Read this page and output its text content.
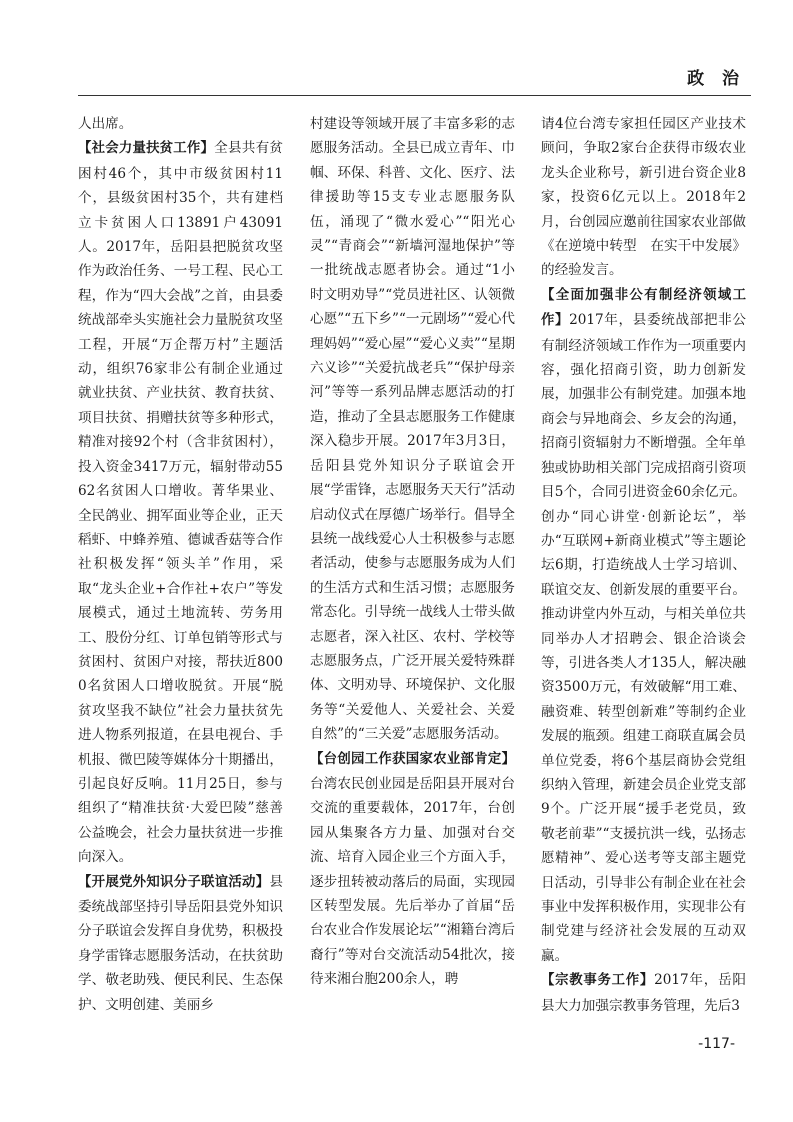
政 治

人出席。

【社会力量扶贫工作】全县共有贫困村46个，其中市级贫困村11个，县级贫困村35个，共有建档立卡贫困人口13891户43091人。2017年，岳阳县把脱贫攻坚作为政治任务、一号工程、民心工程，作为“四大会战”之首，由县委统战部牵头实施社会力量脱贫攻坚工程，开展“万企帮万村”主题活动，组织76家非公有制企业通过就业扶贫、产业扶贫、教育扶贫、项目扶贫、捐赠扶贫等多种形式，精准对接92个村（含非贫困村），投入资金3417万元，辐射带动5562名贫困人口增收。菁华果业、全民鸽业、拥军面业等企业，正天稻虾、中蜂养殖、德诚香菇等合作社积极发挥“领头羊”作用，采取“龙头企业+合作社+农户”等发展模式，通过土地流转、劳务用工、股份分红、订单包销等形式与贫困村、贫困户对接，帮扶近8000名贫困人口增收脱贫。开展“脱贫攻坚我不缺位”社会力量扶贫先进人物系列报道，在县电视台、手机报、微巴陵等媒体分十期播出，引起良好反响。11月25日，参与组织了“精准扶贫·大爱巴陵”慈善公益晚会，社会力量扶贫进一步推向深入。

【开展党外知识分子联谊活动】县委统战部坚持引导岳阳县党外知识分子联谊会发挥自身优势，积极投身学雷锋志愿服务活动，在扶贫助学、敬老助残、便民利民、生态保护、文明创建、美丽乡

村建设等领域开展了丰富多彩的志愿服务活动。全县已成立青年、巾帼、环保、科普、文化、医疗、法律援助等15支专业志愿服务队伍，涌现了“微水爱心”“阳光心灵”“青商会”“新墙河湿地保护”等一批统战志愿者协会。通过“1小时文明劝导”“党员进社区、认领微心愿”“五下乡”“一元剧场”“爱心代理妈妈”“爱心屋”“爱心义卖”“星期六义诊”“关爱抗战老兵”“保护母亲河”等等一系列品牌志愿活动的打造，推动了全县志愿服务工作健康深入稳步开展。2017年3月3日，岳阳县党外知识分子联谊会开展“学雷锋，志愿服务天天行”活动启动仪式在厚德广场举行。倡导全县统一战线爱心人士积极参与志愿者活动，使参与志愿服务成为人们的生活方式和生活习惯；志愿服务常态化。引导统一战线人士带头做志愿者，深入社区、农村、学校等志愿服务点，广泛开展关爱特殊群体、文明劝导、环境保护、文化服务等“关爱他人、关爱社会、关爱自然”的“三关爱”志愿服务活动。

【台创园工作获国家农业部肯定】台湾农民创业园是岳阳县开展对台交流的重要载体，2017年，台创园从集聚各方力量、加强对台交流、培育入园企业三个方面入手，逐步扭转被动落后的局面，实现园区转型发展。先后举办了首届“岳台农业合作发展论坛”“湘籍台湾后裔行”等对台交流活动54批次，接待来湘台胞200余人，聘

请4位台湾专家担任园区产业技术顾问，争取2家台企获得市级农业龙头企业称号，新引进台资企业8家，投资6亿元以上。2018年2月，台创园应邀前往国家农业部做《在逆境中转型　在实干中发展》的经验发言。

【全面加强非公有制经济领域工作】2017年，县委统战部把非公有制经济领域工作作为一项重要内容，强化招商引资，助力创新发展，加强非公有制党建。加强本地商会与异地商会、乡友会的沟通，招商引资辐射力不断增强。全年单独或协助相关部门完成招商引资项目5个，合同引进资金60余亿元。创办“同心讲堂·创新论坛”，举办“互联网+新商业模式”等主题论坛6期，打造统战人士学习培训、联谊交友、创新发展的重要平台。推动讲堂内外互动，与相关单位共同举办人才招聘会、银企洽谈会等，引进各类人才135人，解决融资3500万元，有效破解“用工难、融资难、转型创新难”等制约企业发展的瓶颈。组建工商联直属会员单位党委，将6个基层商协会党组织纳入管理，新建会员企业党支部9个。广泛开展“援手老党员，致敬老前辈”“支援抗洪一线，弘扬志愿精神”、爱心送考等支部主题党日活动，引导非公有制企业在社会事业中发挥积极作用，实现非公有制党建与经济社会发展的互动双赢。

【宗教事务工作】2017年，岳阳县大力加强宗教事务管理，先后3

-117-
